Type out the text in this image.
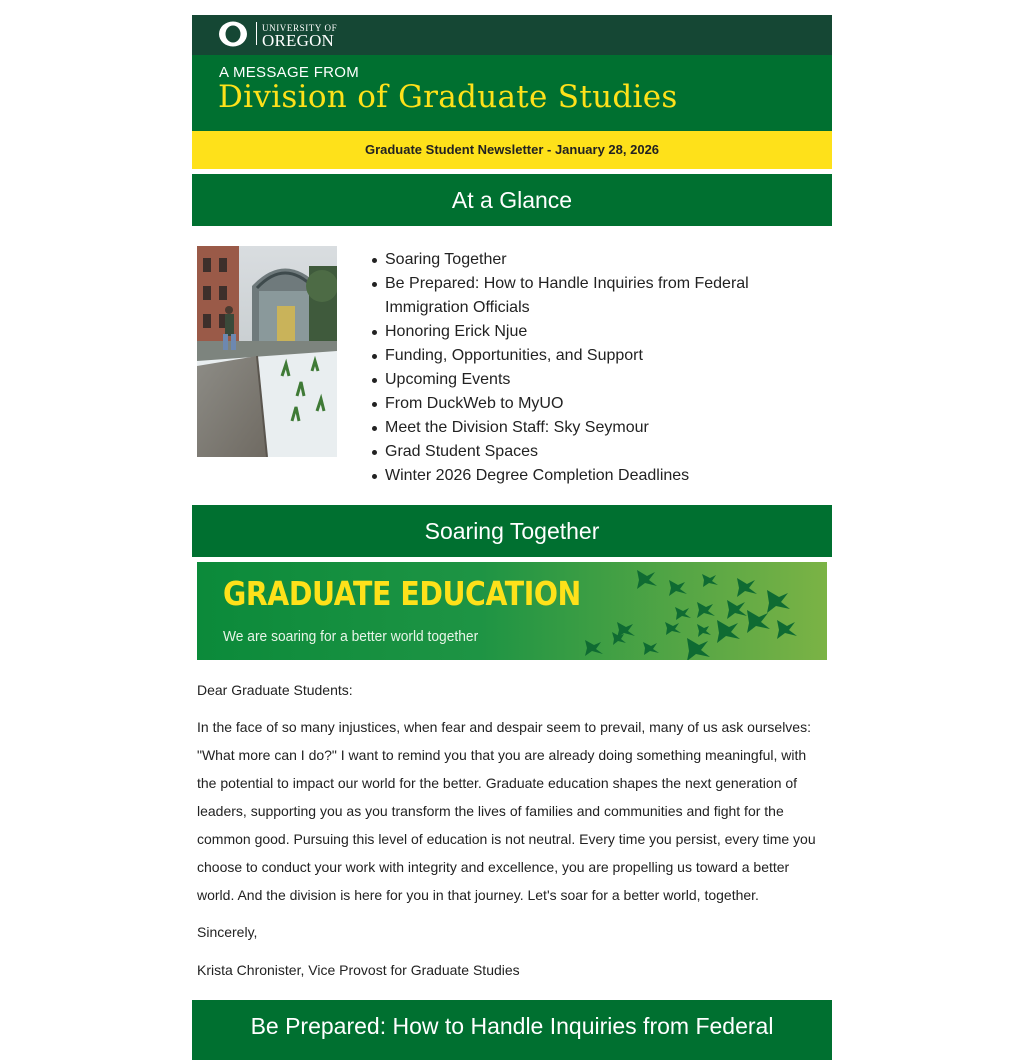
UNIVERSITY OF
OREGON
A MESSAGE FROM
Division of Graduate Studies
Graduate Student Newsletter - January 28, 2026
At a Glance
Soaring Together
Be Prepared: How to Handle Inquiries from Federal Immigration Officials
Honoring Erick Njue
Funding, Opportunities, and Support
Upcoming Events
From DuckWeb to MyUO
Meet the Division Staff: Sky Seymour
Grad Student Spaces
Winter 2026 Degree Completion Deadlines
Soaring Together
GRADUATE EDUCATION
We are soaring for a better world together

Dear Graduate Students:

In the face of so many injustices, when fear and despair seem to prevail, many of us ask ourselves: "What more can I do?" I want to remind you that you are already doing something meaningful, with the potential to impact our world for the better. Graduate education shapes the next generation of leaders, supporting you as you transform the lives of families and communities and fight for the common good. Pursuing this level of education is not neutral. Every time you persist, every time you choose to conduct your work with integrity and excellence, you are propelling us toward a better world. And the division is here for you in that journey. Let's soar for a better world, together.

Sincerely,

Krista Chronister, Vice Provost for Graduate Studies

Be Prepared: How to Handle Inquiries from Federal
